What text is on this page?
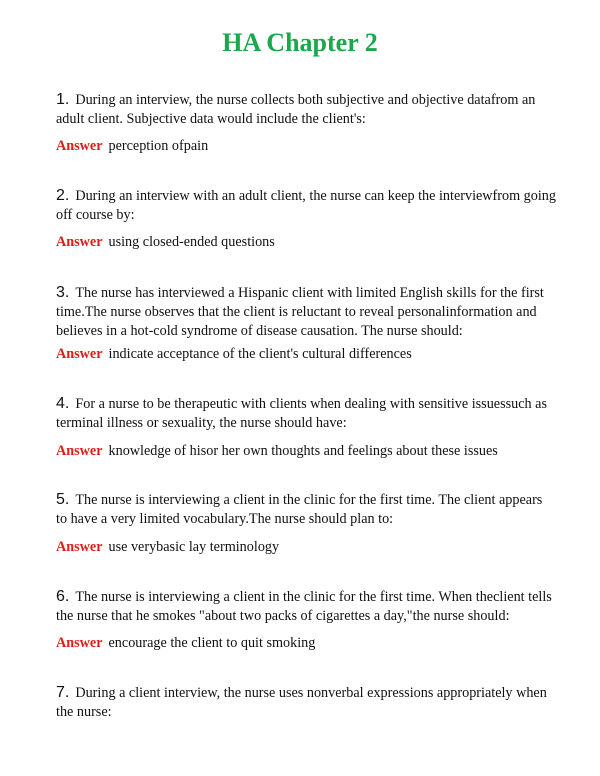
HA Chapter 2
1. During an interview, the nurse collects both subjective and objective datafrom an adult client. Subjective data would include the client's:
Answer perception ofpain
2. During an interview with an adult client, the nurse can keep the interviewfrom going off course by:
Answer using closed-ended questions
3. The nurse has interviewed a Hispanic client with limited English skills for the first time.The nurse observes that the client is reluctant to reveal personalinformation and believes in a hot-cold syndrome of disease causation. The nurse should:
Answer indicate acceptance of the client's cultural differences
4. For a nurse to be therapeutic with clients when dealing with sensitive issuessuch as terminal illness or sexuality, the nurse should have:
Answer knowledge of hisor her own thoughts and feelings about these issues
5. The nurse is interviewing a client in the clinic for the first time. The client appears to have a very limited vocabulary.The nurse should plan to:
Answer use verybasic lay terminology
6. The nurse is interviewing a client in the clinic for the first time. When theclient tells the nurse that he smokes "about two packs of cigarettes a day,"the nurse should:
Answer encourage the client to quit smoking
7. During a client interview, the nurse uses nonverbal expressions appropriately when the nurse:
